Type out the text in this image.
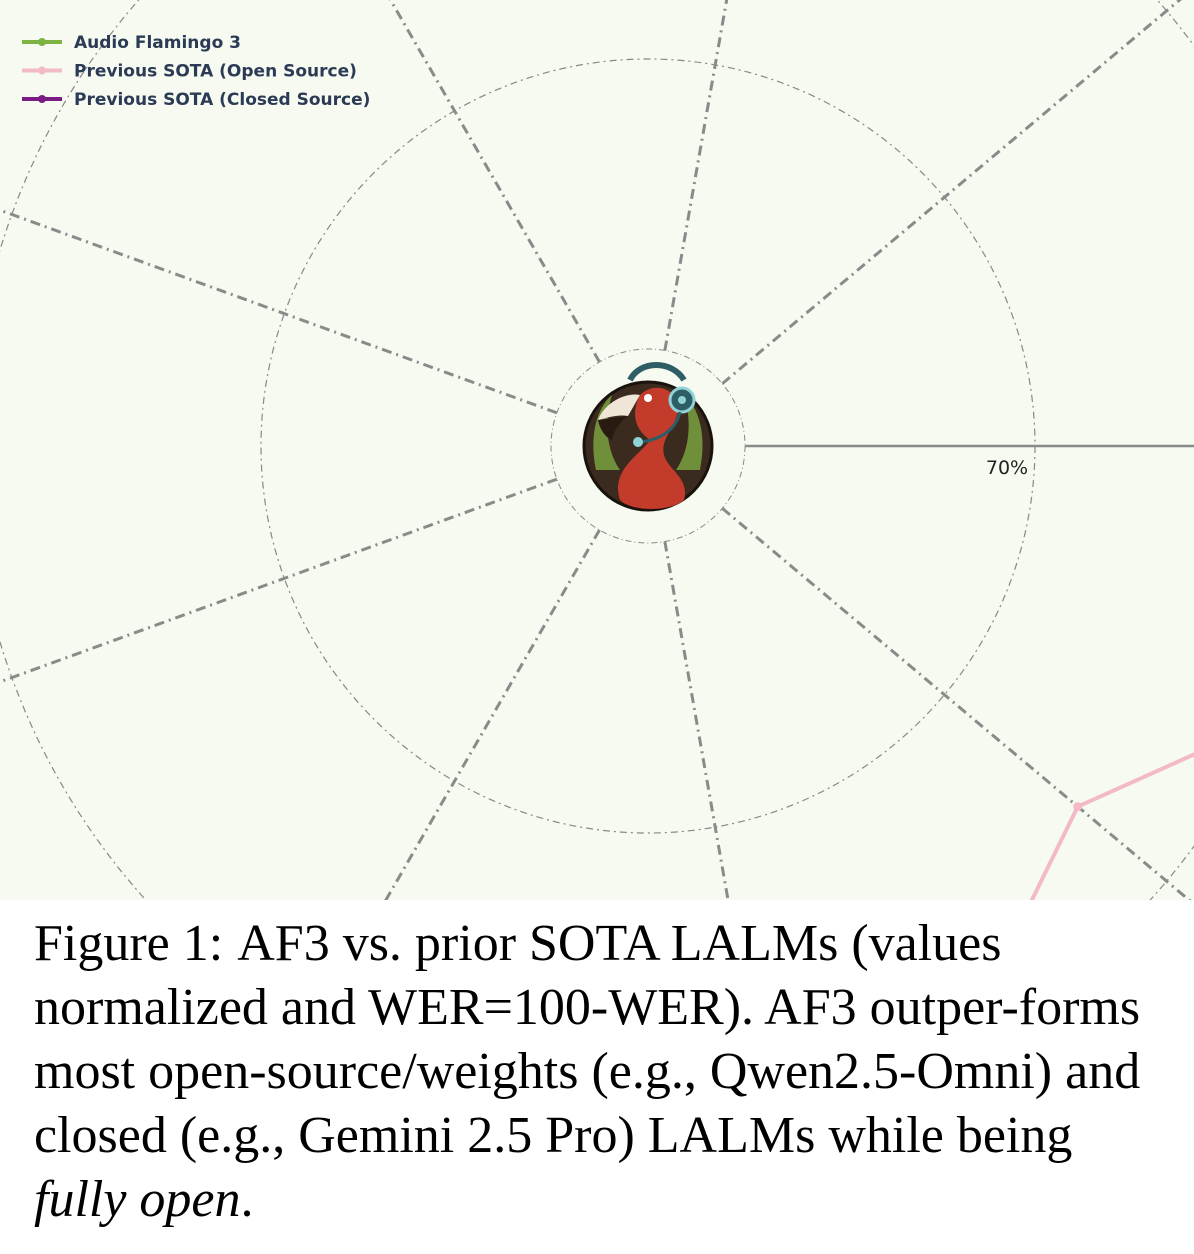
70%
Audio Flamingo 3
Previous SOTA (Open Source)
Previous SOTA (Closed Source)
Figure 1: AF3 vs. prior SOTA LALMs (values normalized and WER=100-WER). AF3 outper-forms most open-source/weights (e.g., Qwen2.5-Omni) and closed (e.g., Gemini 2.5 Pro) LALMs while being fully open.
